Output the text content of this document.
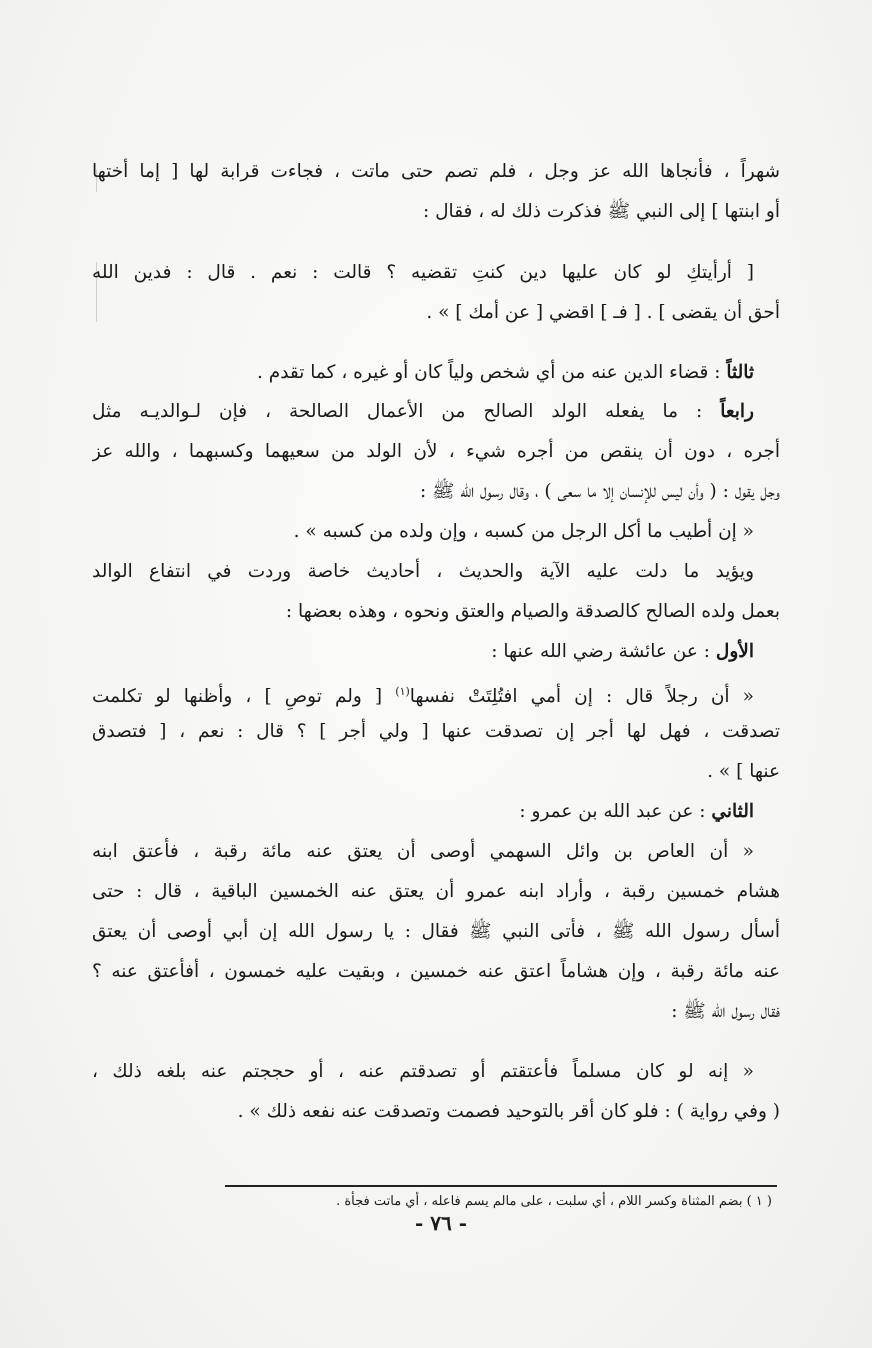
شهراً ، فأنجاها الله عز وجل ، فلم تصم حتى ماتت ، فجاءت قرابة لها [ إما أختها
أو ابنتها ] إلى النبي ﷺ فذكرت ذلك له ، فقال :
[ أرأيتكِ لو كان عليها دين كنتِ تقضيه ؟ قالت : نعم . قال : فدين الله
أحق أن يقضى ] . [ فـ ] اقضي [ عن أمك ] » .
ثالثاً : قضاء الدين عنه من أي شخص ولياً كان أو غيره ، كما تقدم .
رابعاً : ما يفعله الولد الصالح من الأعمال الصالحة ، فإن لـوالديـه مثل
أجره ، دون أن ينقص من أجره شيء ، لأن الولد من سعيهما وكسبهما ، والله عز
وجل يقول : ( وأن ليس للإنسان إلا ما سعى ) ، وقال رسول الله ﷺ :
« إن أطيب ما أكل الرجل من كسبه ، وإن ولده من كسبه » .
ويؤيد ما دلت عليه الآية والحديث ، أحاديث خاصة وردت في انتفاع الوالد
بعمل ولده الصالح كالصدقة والصيام والعتق ونحوه ، وهذه بعضها :
الأول : عن عائشة رضي الله عنها :
« أن رجلاً قال : إن أمي افتُلِتَتْ نفسها$^{(١)}$ [ ولم توصِ ] ، وأظنها لو تكلمت
تصدقت ، فهل لها أجر إن تصدقت عنها [ ولي أجر ] ؟ قال : نعم ، [ فتصدق
عنها ] » .
الثاني : عن عبد الله بن عمرو :
« أن العاص بن وائل السهمي أوصى أن يعتق عنه مائة رقبة ، فأعتق ابنه
هشام خمسين رقبة ، وأراد ابنه عمرو أن يعتق عنه الخمسين الباقية ، قال : حتى
أسأل رسول الله ﷺ ، فأتى النبي ﷺ فقال : يا رسول الله إن أبي أوصى أن يعتق
عنه مائة رقبة ، وإن هشاماً اعتق عنه خمسين ، وبقيت عليه خمسون ، أفأعتق عنه ؟
فقال رسول الله ﷺ :
« إنه لو كان مسلماً فأعتقتم أو تصدقتم عنه ، أو حججتم عنه بلغه ذلك ،
( وفي رواية ) : فلو كان أقر بالتوحيد فصمت وتصدقت عنه نفعه ذلك » .
( ١ ) بضم المثناة وكسر اللام ، أي سلبت ، على مالم يسم فاعله ، أي ماتت فجأة .
- ٧٦ -
